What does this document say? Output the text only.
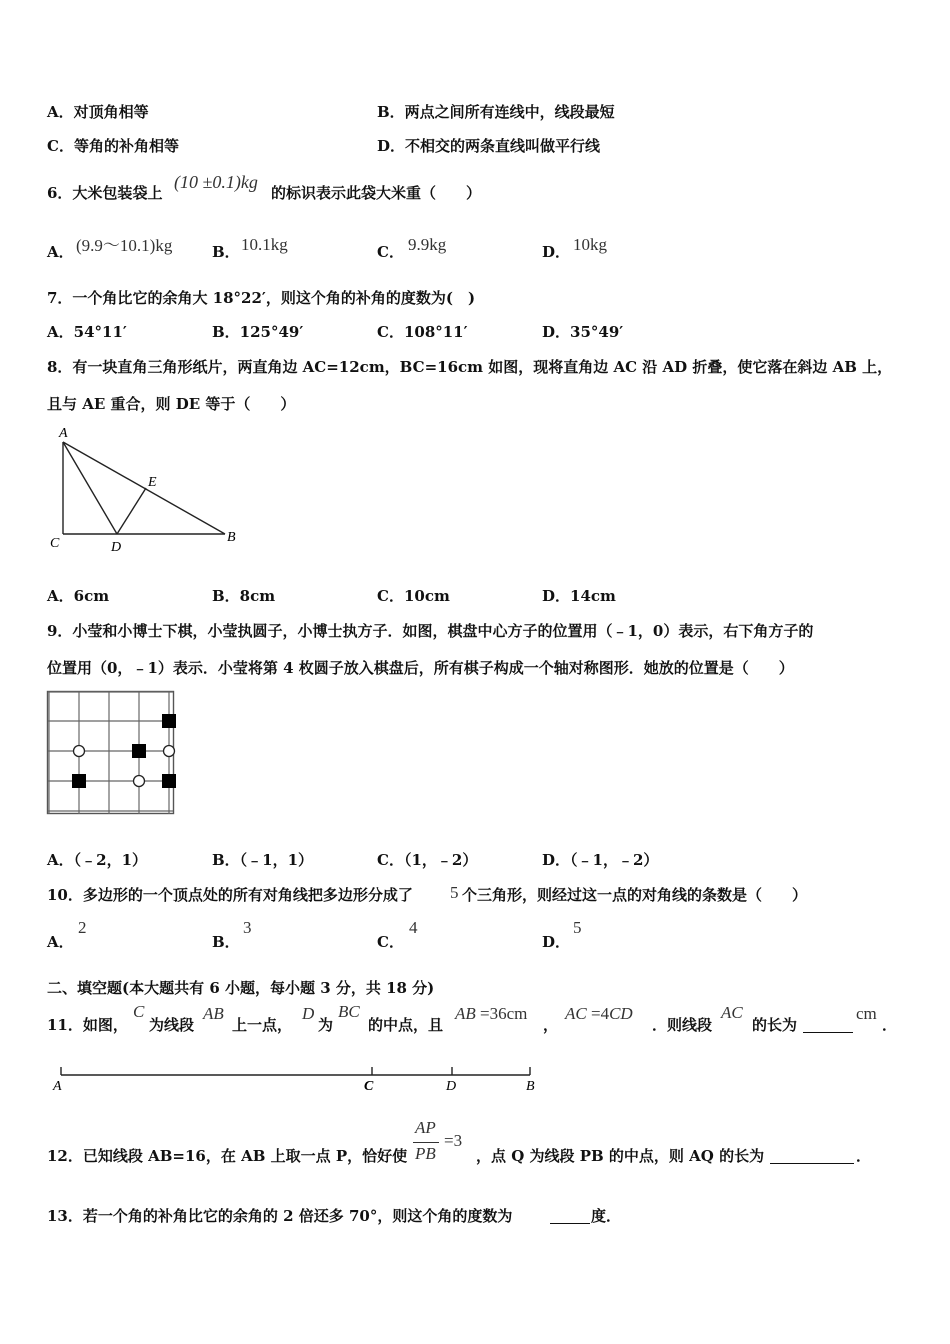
A．对顶角相等	B．两点之间所有连线中，线段最短
C．等角的补角相等	D．不相交的两条直线叫做平行线
6．大米包装袋上
(10 ±0.1)kg
的标识表示此袋大米重（　　）
A． (9.9～10.1)kg	B． 10.1kg	C． 9.9kg	D． 10kg
7．一个角比它的余角大 18°22′，则这个角的补角的度数为(　)
A．54°11′	B．125°49′	C．108°11′	D．35°49′
8．有一块直角三角形纸片，两直角边 AC=12cm，BC=16cm 如图，现将直角边 AC 沿 AD 折叠，使它落在斜边 AB 上，
且与 AE 重合，则 DE 等于（　　）
A
E
C	D
B
A．6cm	B．8cm	C．10cm	D．14cm
9．小莹和小博士下棋，小莹执圆子，小博士执方子．如图，棋盘中心方子的位置用（﹣1，0）表示，右下角方子的
位置用（0，﹣1）表示．小莹将第 4 枚圆子放入棋盘后，所有棋子构成一个轴对称图形．她放的位置是（　　）
A．（﹣2，1）	B．（﹣1，1）	C．（1，﹣2）	D．（﹣1，﹣2）
10．多边形的一个顶点处的所有对角线把多边形分成了 5 个三角形，则经过这一点的对角线的条数是（　　）
A．
2
B．
3
C．
4
D．
5
二、填空题(本大题共有 6 小题，每小题 3 分，共 18 分)
11．如图，
C
为线段
AB
上一点，
D
为
BC
的中点，且
AB =36cm
，
AC =4CD
．则线段
AC
的长为
cm
．
A	C	D	B
12．已知线段 AB=16，在 AB 上取一点 P，恰好使
AP
PB
=3
，点 Q 为线段 PB 的中点，则 AQ 的长为	．
13．若一个角的补角比它的余角的 2 倍还多 70°，则这个角的度数为	度．
